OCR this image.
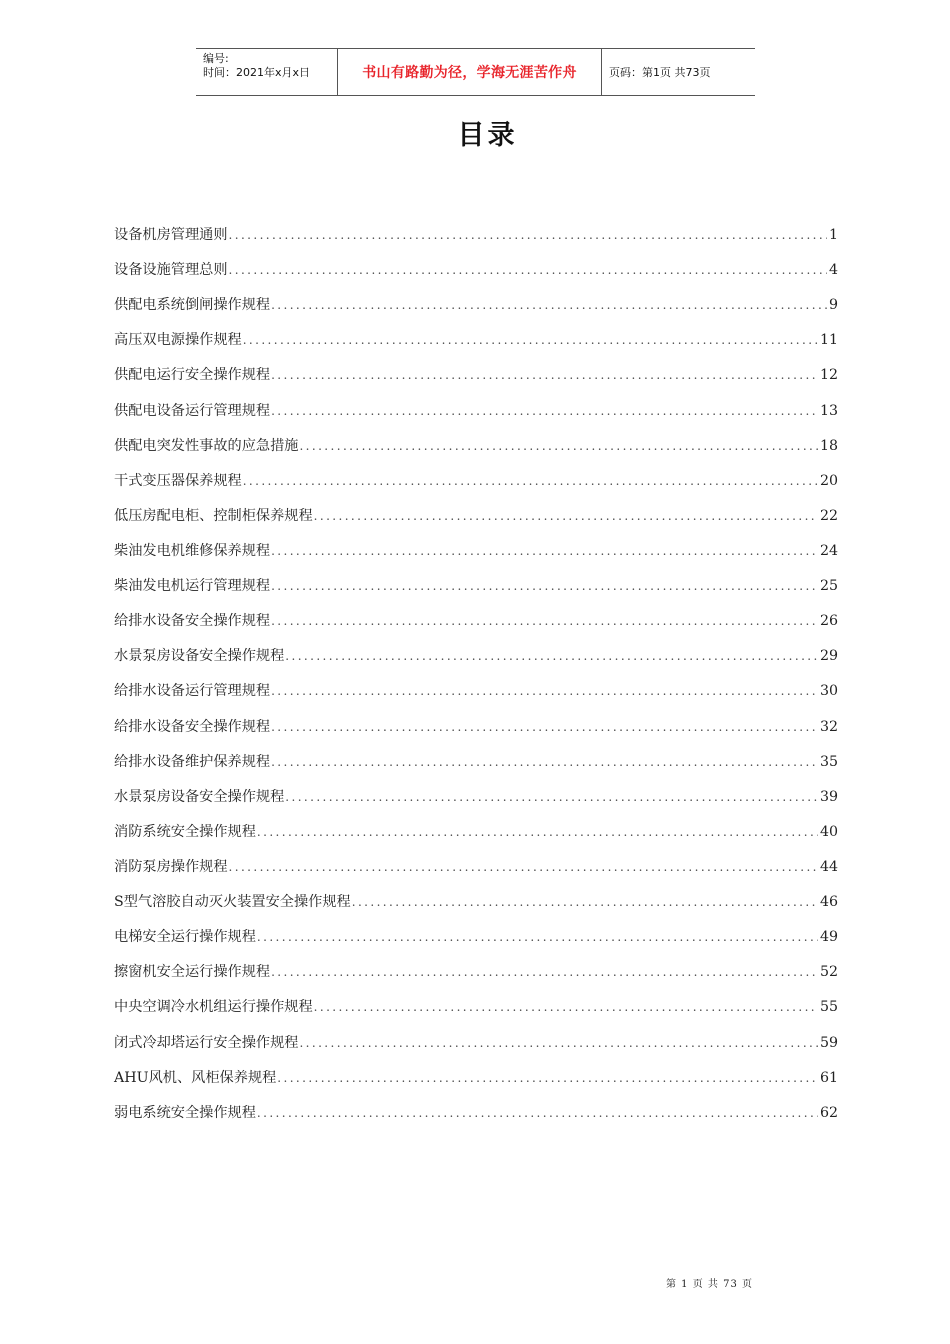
编号:
时间：2021年x月x日	书山有路勤为径，学海无涯苦作舟	页码：第1页 共73页
目录
设备机房管理通则 .....	1
设备设施管理总则 .....	4
供配电系统倒闸操作规程 .....	9
高压双电源操作规程 .....	11
供配电运行安全操作规程 .....	12
供配电设备运行管理规程 .....	13
供配电突发性事故的应急措施 .....	18
干式变压器保养规程 .....	20
低压房配电柜、控制柜保养规程 .....	22
柴油发电机维修保养规程 .....	24
柴油发电机运行管理规程 .....	25
给排水设备安全操作规程 .....	26
水景泵房设备安全操作规程 .....	29
给排水设备运行管理规程 .....	30
给排水设备安全操作规程 .....	32
给排水设备维护保养规程 .....	35
水景泵房设备安全操作规程 .....	39
消防系统安全操作规程 .....	40
消防泵房操作规程 .....	44
S型气溶胶自动灭火装置安全操作规程 .....	46
电梯安全运行操作规程 .....	49
擦窗机安全运行操作规程 .....	52
中央空调冷水机组运行操作规程 .....	55
闭式冷却塔运行安全操作规程 .....	59
AHU风机、风柜保养规程 .....	61
弱电系统安全操作规程 .....	62
第 1 页 共 73 页
